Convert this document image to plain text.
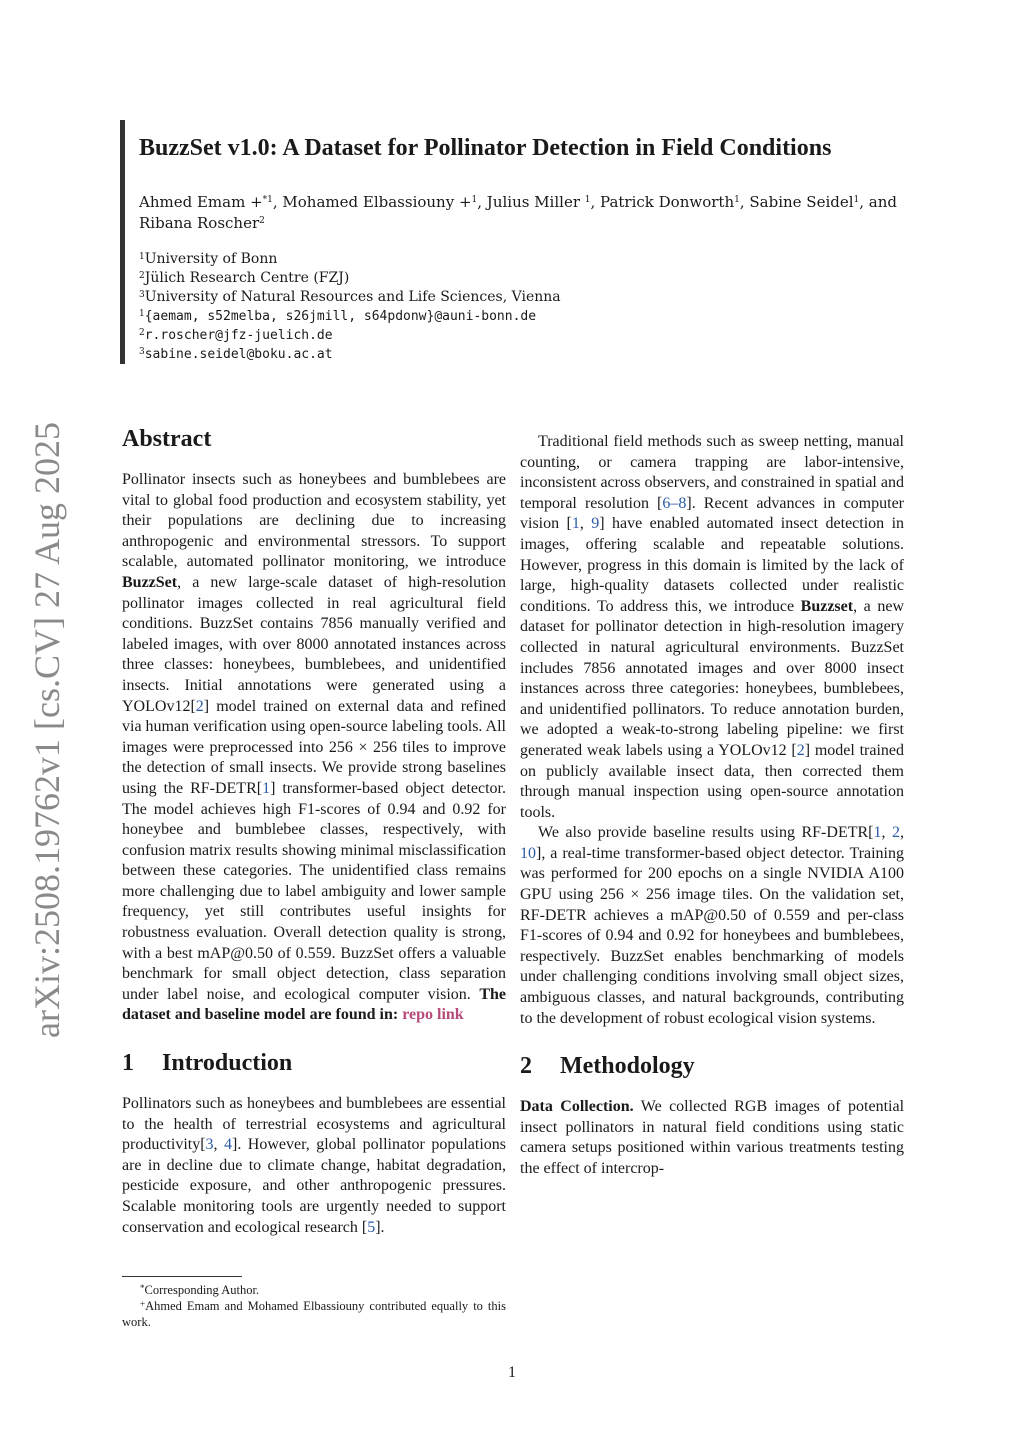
arXiv:2508.19762v1 [cs.CV] 27 Aug 2025
BuzzSet v1.0: A Dataset for Pollinator Detection in Field Conditions
Ahmed Emam +$^{*1}$, Mohamed Elbassiouny +$^1$, Julius Miller $^1$, Patrick Donworth$^1$, Sabine Seidel$^1$, and Ribana Roscher$^2$
$^1$University of Bonn
$^2$Jülich Research Centre (FZJ)
$^3$University of Natural Resources and Life Sciences, Vienna
$^1${aemam, s52melba, s26jmill, s64pdonw}@auni-bonn.de
$^2$r.roscher@jfz-juelich.de
$^3$sabine.seidel@boku.ac.at
Abstract

Pollinator insects such as honeybees and bumblebees are vital to global food production and ecosystem stability, yet their populations are declining due to increasing anthropogenic and environmental stressors. To support scalable, automated pollinator monitoring, we introduce BuzzSet, a new large-scale dataset of high-resolution pollinator images collected in real agricultural field conditions. BuzzSet contains 7856 manually verified and labeled images, with over 8000 annotated instances across three classes: honeybees, bumblebees, and unidentified insects. Initial annotations were generated using a YOLOv12[2] model trained on external data and refined via human verification using open-source labeling tools. All images were preprocessed into 256 × 256 tiles to improve the detection of small insects. We provide strong baselines using the RF-DETR[1] transformer-based object detector. The model achieves high F1-scores of 0.94 and 0.92 for honeybee and bumblebee classes, respectively, with confusion matrix results showing minimal misclassification between these categories. The unidentified class remains more challenging due to label ambiguity and lower sample frequency, yet still contributes useful insights for robustness evaluation. Overall detection quality is strong, with a best mAP@0.50 of 0.559. BuzzSet offers a valuable benchmark for small object detection, class separation under label noise, and ecological computer vision. The dataset and baseline model are found in: repo link

1 Introduction

Pollinators such as honeybees and bumblebees are essential to the health of terrestrial ecosystems and agricultural productivity[3, 4]. However, global pollinator populations are in decline due to climate change, habitat degradation, pesticide exposure, and other anthropogenic pressures. Scalable monitoring tools are urgently needed to support conservation and ecological research [5].

Traditional field methods such as sweep netting, manual counting, or camera trapping are labor-intensive, inconsistent across observers, and constrained in spatial and temporal resolution [6–8]. Recent advances in computer vision [1, 9] have enabled automated insect detection in images, offering scalable and repeatable solutions. However, progress in this domain is limited by the lack of large, high-quality datasets collected under realistic conditions. To address this, we introduce Buzzset, a new dataset for pollinator detection in high-resolution imagery collected in natural agricultural environments. BuzzSet includes 7856 annotated images and over 8000 insect instances across three categories: honeybees, bumblebees, and unidentified pollinators. To reduce annotation burden, we adopted a weak-to-strong labeling pipeline: we first generated weak labels using a YOLOv12 [2] model trained on publicly available insect data, then corrected them through manual inspection using open-source annotation tools.

We also provide baseline results using RF-DETR[1, 2, 10], a real-time transformer-based object detector. Training was performed for 200 epochs on a single NVIDIA A100 GPU using 256 × 256 image tiles. On the validation set, RF-DETR achieves a mAP@0.50 of 0.559 and per-class F1-scores of 0.94 and 0.92 for honeybees and bumblebees, respectively. BuzzSet enables benchmarking of models under challenging conditions involving small object sizes, ambiguous classes, and natural backgrounds, contributing to the development of robust ecological vision systems.

2 Methodology

Data Collection. We collected RGB images of potential insect pollinators in natural field conditions using static camera setups positioned within various treatments testing the effect of intercrop-

*Corresponding Author.
+Ahmed Emam and Mohamed Elbassiouny contributed equally to this work.
1
